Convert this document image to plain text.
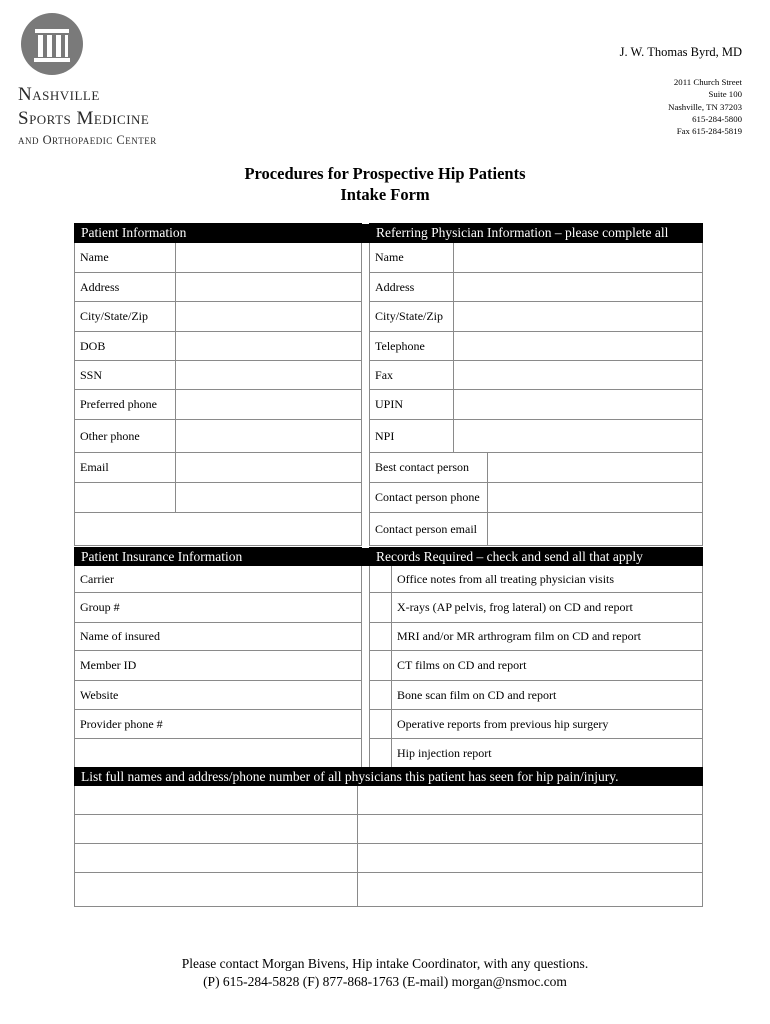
Nashville
Sports Medicine
and Orthopaedic Center
J. W. Thomas Byrd, MD
2011 Church Street
Suite 100
Nashville, TN 37203
615-284-5800
Fax 615-284-5819
Procedures for Prospective Hip Patients
Intake Form
Patient Information			Referring Physician Information – please complete all		
Name			Name		
Address			Address		
City/State/Zip			City/State/Zip		
DOB			Telephone		
SSN			Fax		
Preferred phone			UPIN		
Other phone			NPI		
Email			Best contact person		
			Contact person phone		
			Contact person email		
Patient Insurance Information		Records Required – check and send all that apply	
Carrier			Office notes from all treating physician visits
Group #			X-rays (AP pelvis, frog lateral) on CD and report
Name of insured			MRI and/or MR arthrogram film on CD and report
Member ID			CT films on CD and report
Website			Bone scan film on CD and report
Provider phone #			Operative reports from previous hip surgery
			Hip injection report
List full names and address/phone number of all physicians this patient has seen for hip pain/injury.	

Please contact Morgan Bivens, Hip intake Coordinator, with any questions.
(P) 615-284-5828 (F) 877-868-1763 (E-mail) morgan@nsmoc.com
